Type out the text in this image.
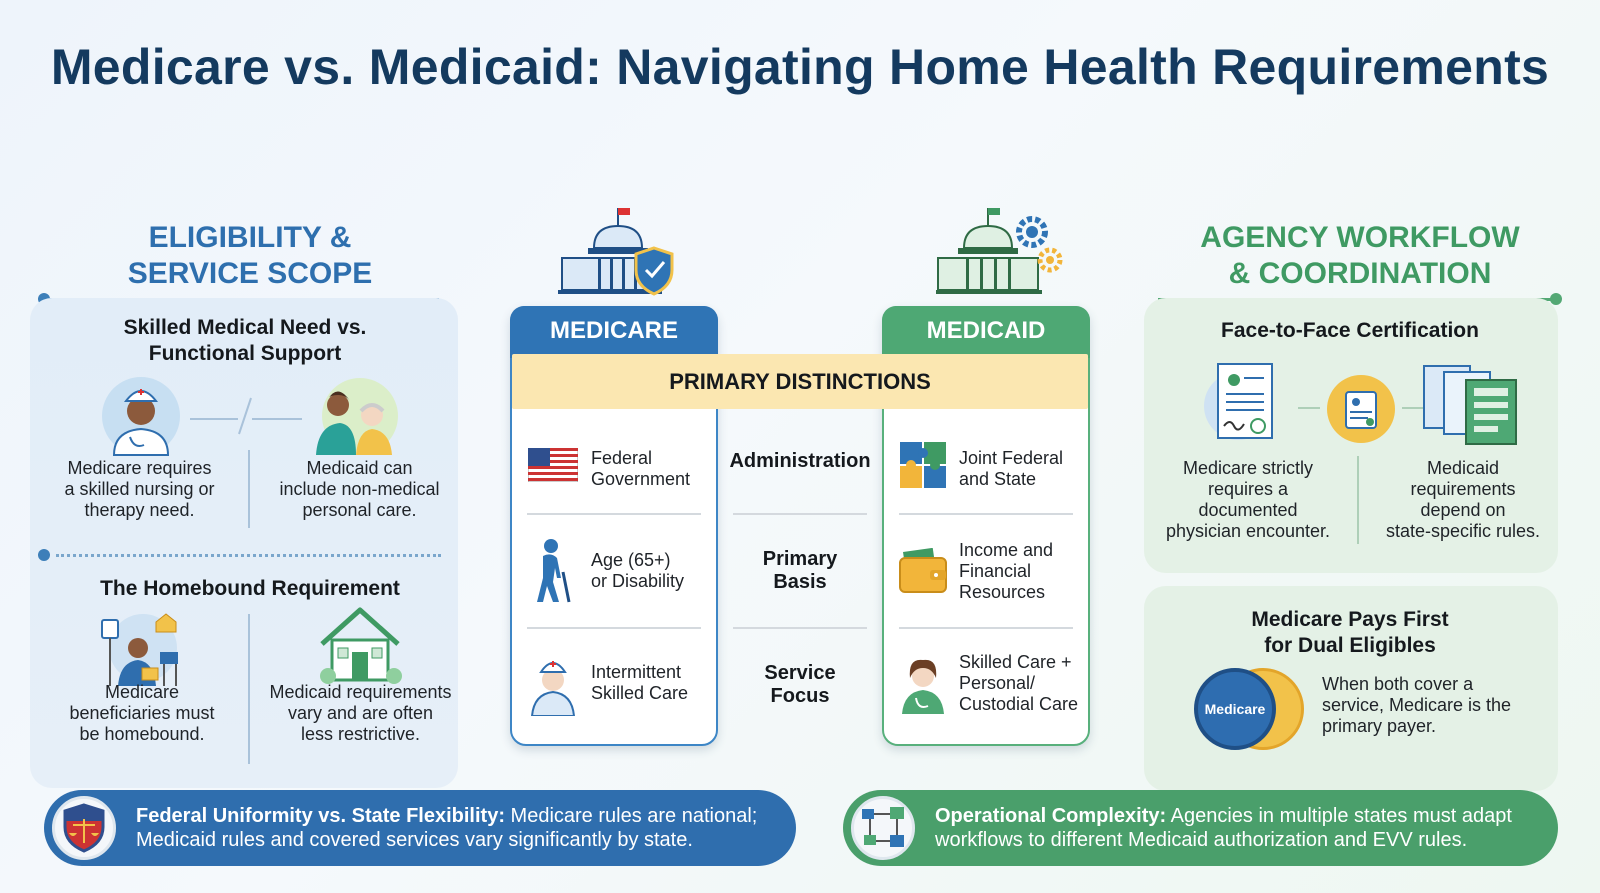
Medicare vs. Medicaid: Navigating Home Health Requirements
ELIGIBILITY &
SERVICE SCOPE
AGENCY WORKFLOW
& COORDINATION
Skilled Medical Need vs.
Functional Support
Medicare requires
a skilled nursing or
therapy need.
Medicaid can
include non-medical
personal care.
The Homebound Requirement
Medicare
beneficiaries must
be homebound.
Medicaid requirements
vary and are often
less restrictive.
MEDICARE	MEDICAID
PRIMARY DISTINCTIONS
Federal
Government
Administration	Joint Federal
and State
Age (65+)
or Disability
Primary
Basis
Income and
Financial
Resources
Intermittent
Skilled Care
Service
Focus
Skilled Care +
Personal/
Custodial Care
Face-to-Face Certification
Medicare strictly
requires a
documented
physician encounter.
Medicaid
requirements
depend on
state-specific rules.
Medicare Pays First
for Dual Eligibles
Medicare
When both cover a
service, Medicare is the
primary payer.
Federal Uniformity vs. State Flexibility: Medicare rules are national;
Medicaid rules and covered services vary significantly by state.
Operational Complexity: Agencies in multiple states must adapt
workflows to different Medicaid authorization and EVV rules.
